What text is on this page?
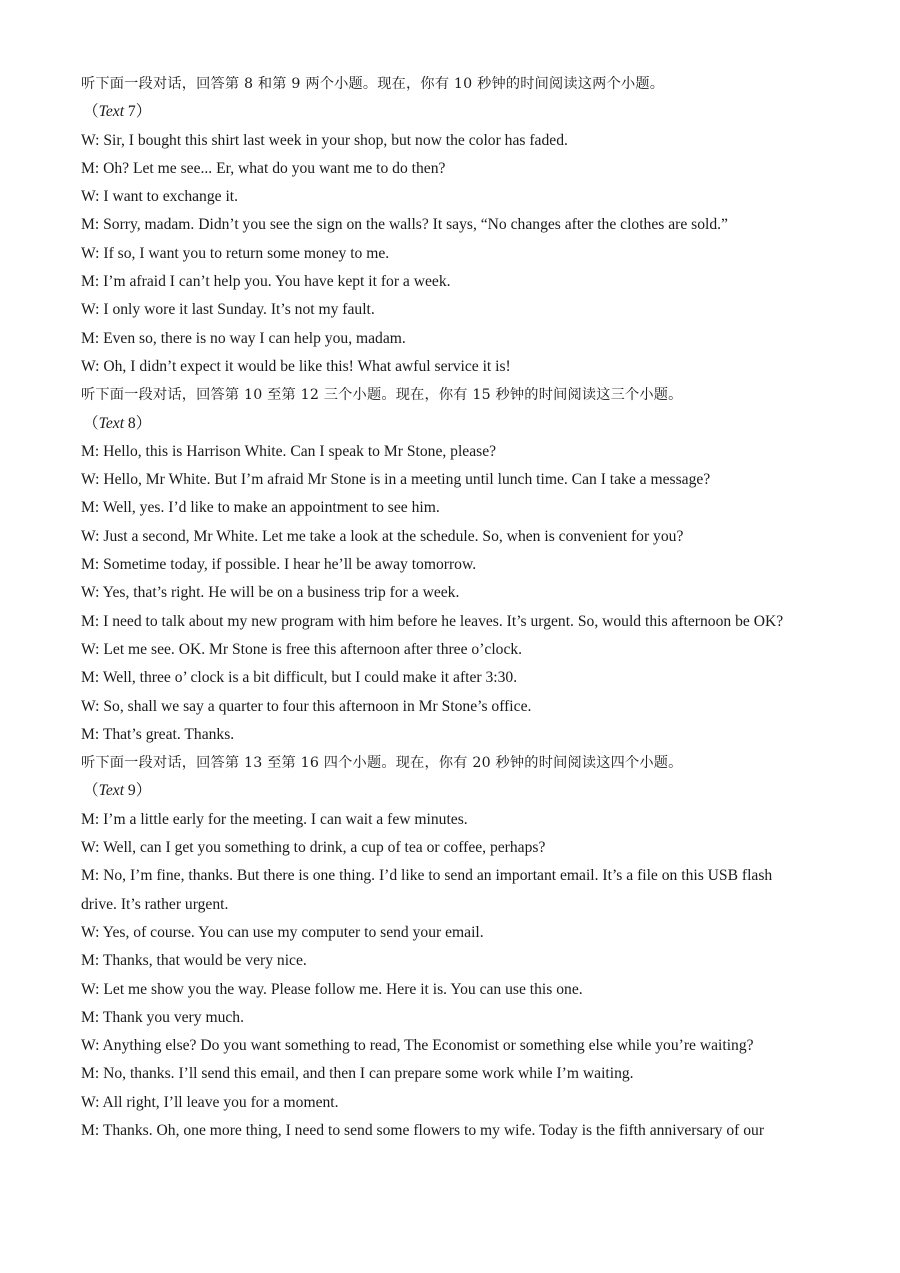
听下面一段对话，回答第 8 和第 9 两个小题。现在，你有 10 秒钟的时间阅读这两个小题。
（Text 7）
W: Sir, I bought this shirt last week in your shop, but now the color has faded.
M: Oh? Let me see... Er, what do you want me to do then?
W: I want to exchange it.
M: Sorry, madam. Didn’t you see the sign on the walls? It says, “No changes after the clothes are sold.”
W: If so, I want you to return some money to me.
M: I’m afraid I can’t help you. You have kept it for a week.
W: I only wore it last Sunday. It’s not my fault.
M: Even so, there is no way I can help you, madam.
W: Oh, I didn’t expect it would be like this! What awful service it is!
听下面一段对话，回答第 10 至第 12 三个小题。现在，你有 15 秒钟的时间阅读这三个小题。
（Text 8）
M: Hello, this is Harrison White. Can I speak to Mr Stone, please?
W: Hello, Mr White. But I’m afraid Mr Stone is in a meeting until lunch time. Can I take a message?
M: Well, yes. I’d like to make an appointment to see him.
W: Just a second, Mr White. Let me take a look at the schedule. So, when is convenient for you?
M: Sometime today, if possible. I hear he’ll be away tomorrow.
W: Yes, that’s right. He will be on a business trip for a week.
M: I need to talk about my new program with him before he leaves. It’s urgent. So, would this afternoon be OK?
W: Let me see. OK. Mr Stone is free this afternoon after three o’clock.
M: Well, three o’ clock is a bit difficult, but I could make it after 3:30.
W: So, shall we say a quarter to four this afternoon in Mr Stone’s office.
M: That’s great. Thanks.
听下面一段对话，回答第 13 至第 16 四个小题。现在，你有 20 秒钟的时间阅读这四个小题。
（Text 9）
M: I’m a little early for the meeting. I can wait a few minutes.
W: Well, can I get you something to drink, a cup of tea or coffee, perhaps?
M: No, I’m fine, thanks. But there is one thing. I’d like to send an important email. It’s a file on this USB flash
drive. It’s rather urgent.
W: Yes, of course. You can use my computer to send your email.
M: Thanks, that would be very nice.
W: Let me show you the way. Please follow me. Here it is. You can use this one.
M: Thank you very much.
W: Anything else? Do you want something to read, The Economist or something else while you’re waiting?
M: No, thanks. I’ll send this email, and then I can prepare some work while I’m waiting.
W: All right, I’ll leave you for a moment.
M: Thanks. Oh, one more thing, I need to send some flowers to my wife. Today is the fifth anniversary of our
